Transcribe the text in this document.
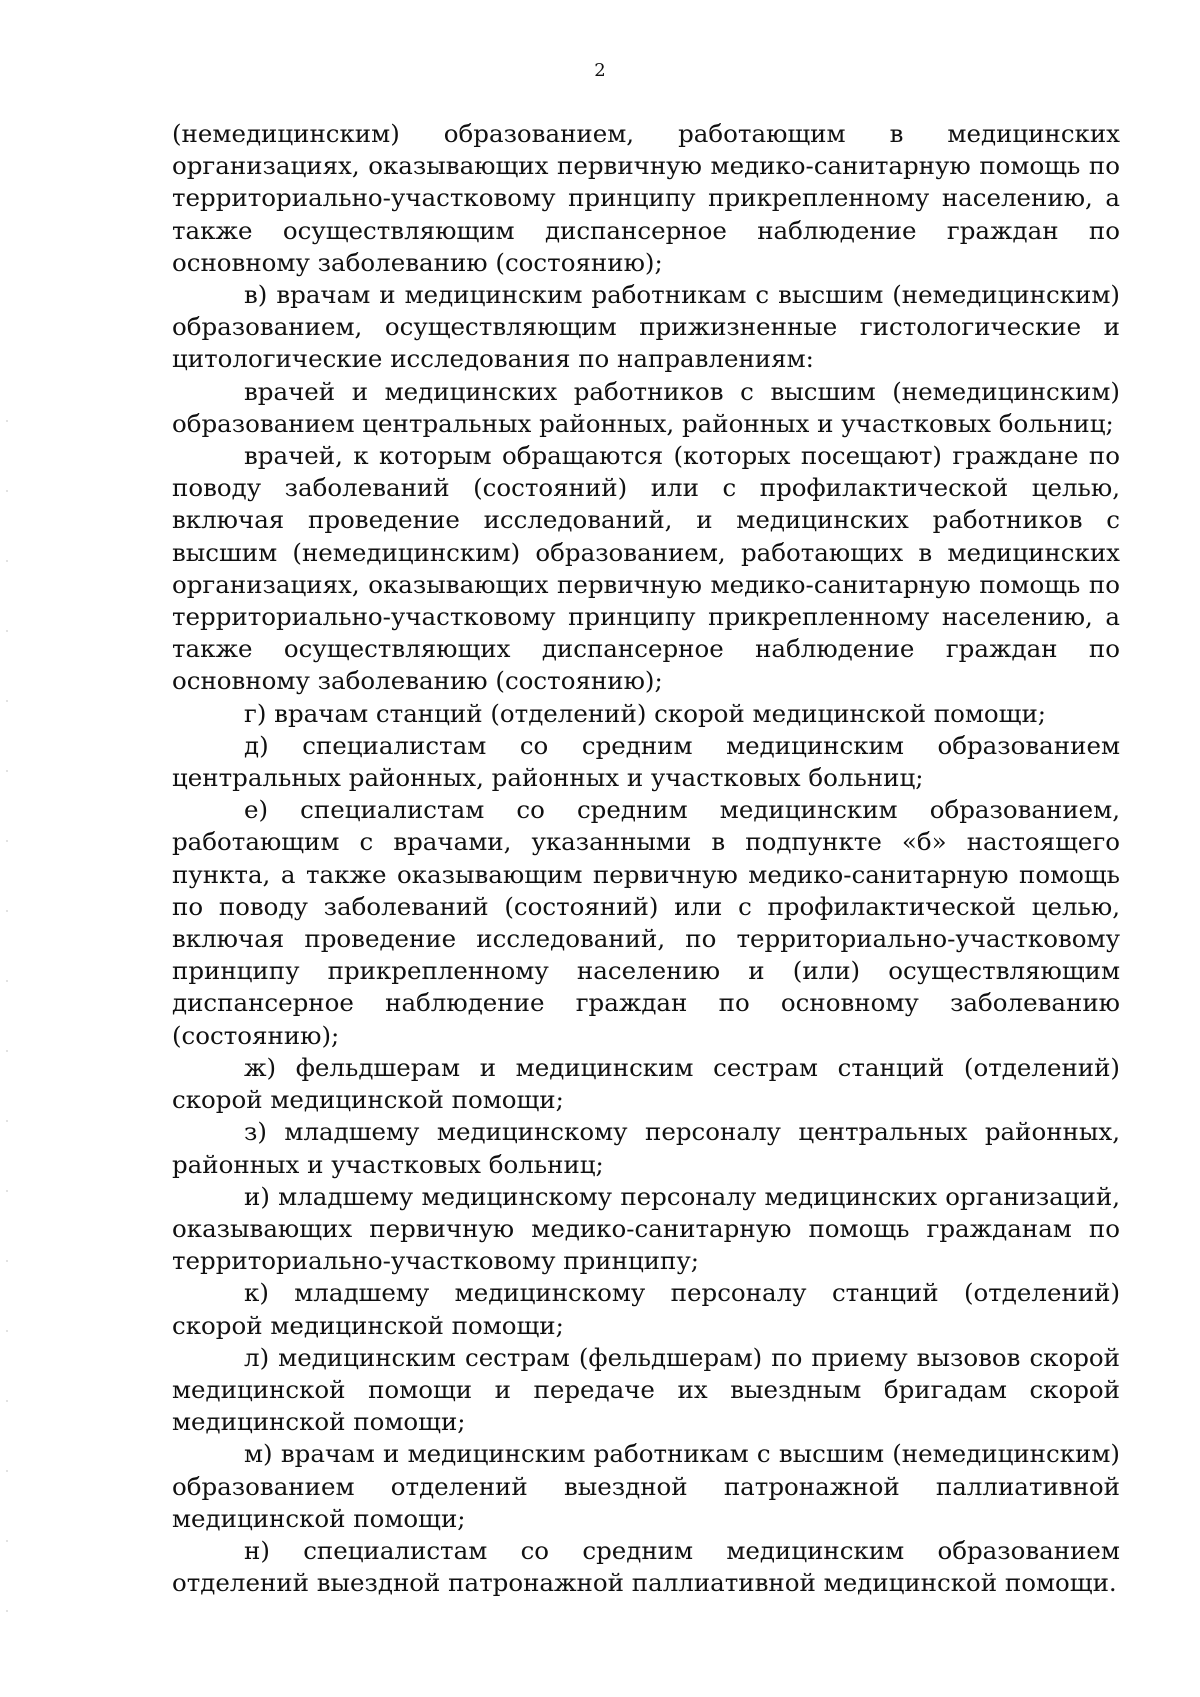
2

(немедицинским) образованием, работающим в медицинских организациях, оказывающих первичную медико-санитарную помощь по территориально-участковому принципу прикрепленному населению, а также осуществляющим диспансерное наблюдение граждан по основному заболеванию (состоянию);

в) врачам и медицинским работникам с высшим (немедицинским) образованием, осуществляющим прижизненные гистологические и цитологические исследования по направлениям:

врачей и медицинских работников с высшим (немедицинским) образованием центральных районных, районных и участковых больниц;

врачей, к которым обращаются (которых посещают) граждане по поводу заболеваний (состояний) или с профилактической целью, включая проведение исследований, и медицинских работников с высшим (немедицинским) образованием, работающих в медицинских организациях, оказывающих первичную медико-санитарную помощь по территориально-участковому принципу прикрепленному населению, а также осуществляющих диспансерное наблюдение граждан по основному заболеванию (состоянию);

г) врачам станций (отделений) скорой медицинской помощи;

д) специалистам со средним медицинским образованием центральных районных, районных и участковых больниц;

е) специалистам со средним медицинским образованием, работающим с врачами, указанными в подпункте «б» настоящего пункта, а также оказывающим первичную медико-санитарную помощь по поводу заболеваний (состояний) или с профилактической целью, включая проведение исследований, по территориально-участковому принципу прикрепленному населению и (или) осуществляющим диспансерное наблюдение граждан по основному заболеванию (состоянию);

ж) фельдшерам и медицинским сестрам станций (отделений) скорой медицинской помощи;

з) младшему медицинскому персоналу центральных районных, районных и участковых больниц;

и) младшему медицинскому персоналу медицинских организаций, оказывающих первичную медико-санитарную помощь гражданам по территориально-участковому принципу;

к) младшему медицинскому персоналу станций (отделений) скорой медицинской помощи;

л) медицинским сестрам (фельдшерам) по приему вызовов скорой медицинской помощи и передаче их выездным бригадам скорой медицинской помощи;

м) врачам и медицинским работникам с высшим (немедицинским) образованием отделений выездной патронажной паллиативной медицинской помощи;

н) специалистам со средним медицинским образованием отделений выездной патронажной паллиативной медицинской помощи.
